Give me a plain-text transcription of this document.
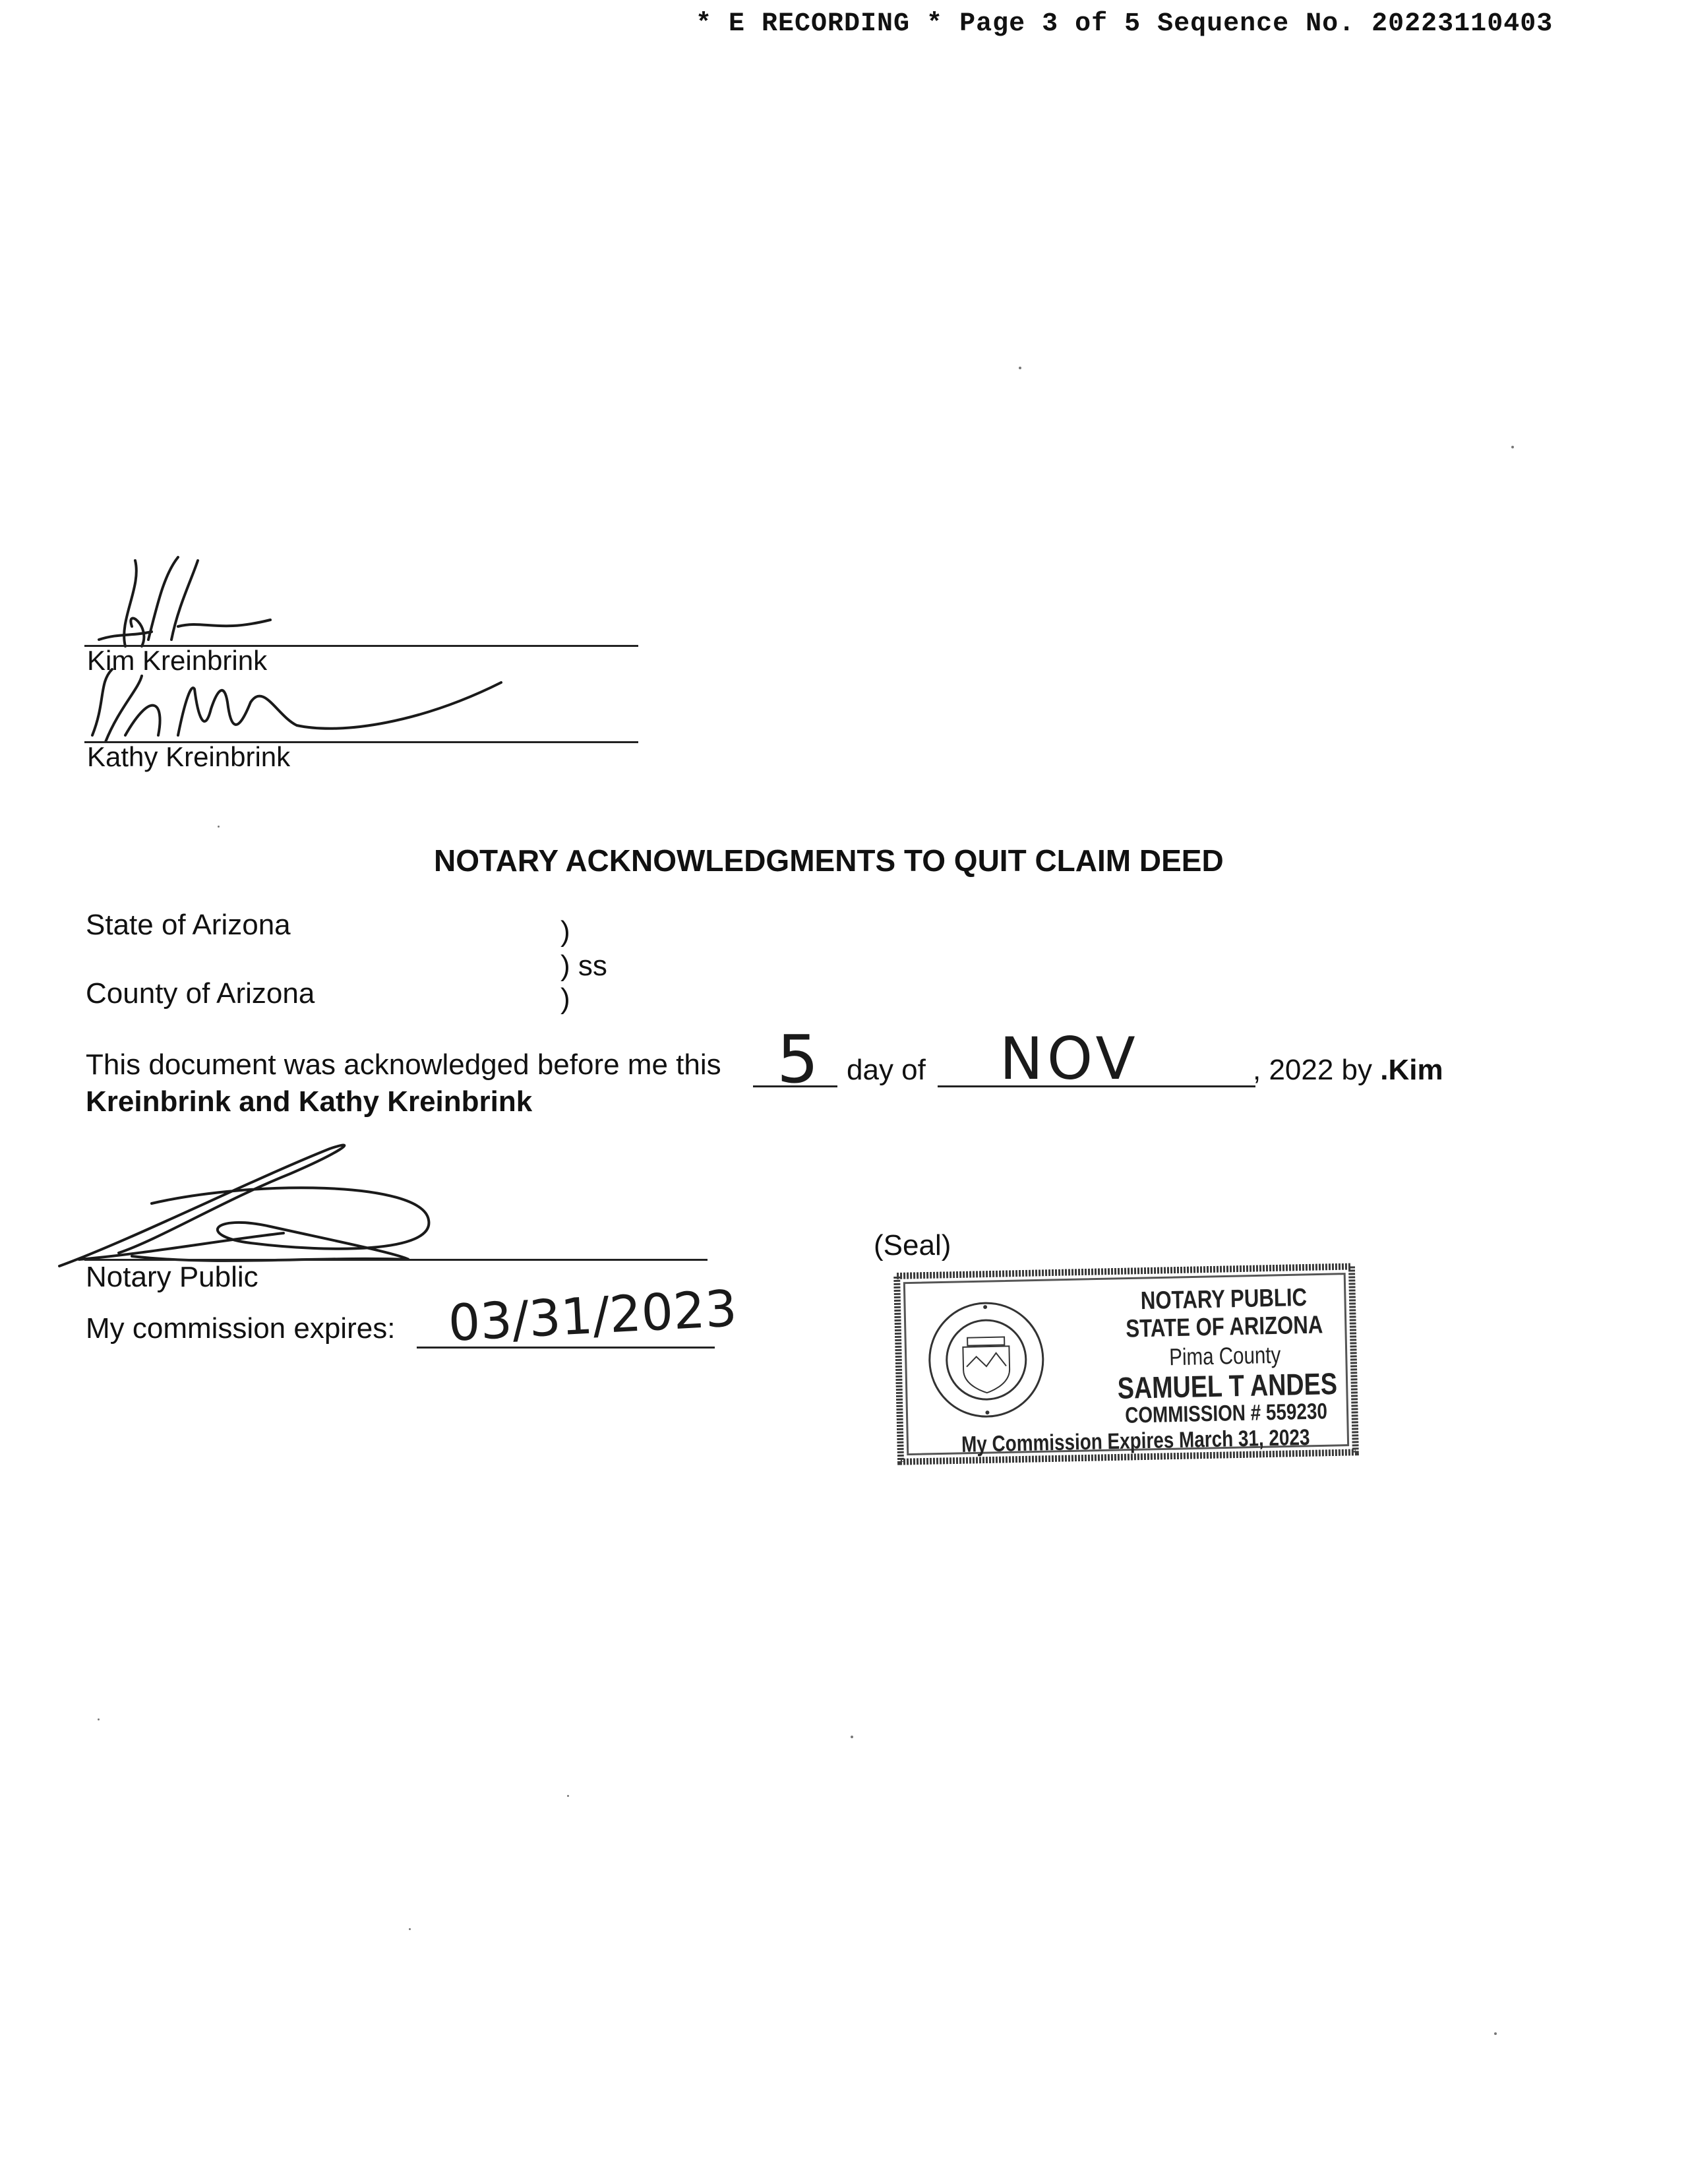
* E RECORDING * Page 3 of 5 Sequence No. 20223110403
Kim Kreinbrink
Kathy Kreinbrink
NOTARY ACKNOWLEDGMENTS TO QUIT CLAIM DEED
State of Arizona	)
) ss
County of Arizona	)
This document was acknowledged before me this 5 day of NOV	, 2022 by .Kim
Kreinbrink and Kathy Kreinbrink
Notary Public
My commission expires: 03/31/2023
(Seal)
NOTARY PUBLIC
STATE OF ARIZONA
Pima County
SAMUEL T ANDES
COMMISSION # 559230
My Commission Expires March 31, 2023
